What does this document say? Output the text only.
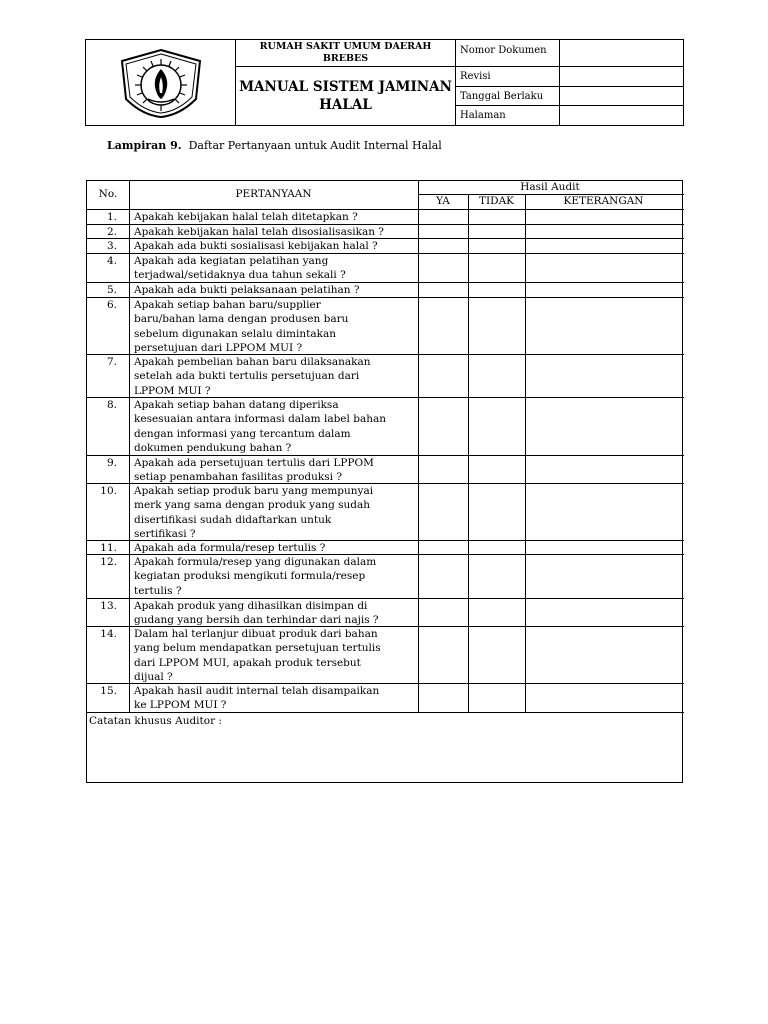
RUMAH SAKIT UMUM DAERAH BREBES
MANUAL SISTEM JAMINAN HALAL
Nomor Dokumen
Revisi
Tanggal Berlaku
Halaman
Lampiran 9. Daftar Pertanyaan untuk Audit Internal Halal
No.	PERTANYAAN
Hasil Audit
YA	TIDAK	KETERANGAN
1.	Apakah kebijakan halal telah ditetapkan ?
2.	Apakah kebijakan halal telah disosialisasikan ?
3.	Apakah ada bukti sosialisasi kebijakan halal ?
4.	Apakah ada kegiatan pelatihan yang
terjadwal/setidaknya dua tahun sekali ?
5.	Apakah ada bukti pelaksanaan pelatihan ?
6.	Apakah setiap bahan baru/supplier
baru/bahan lama dengan produsen baru
sebelum digunakan selalu dimintakan
persetujuan dari LPPOM MUI ?
7.	Apakah pembelian bahan baru dilaksanakan
setelah ada bukti tertulis persetujuan dari
LPPOM MUI ?
8.	Apakah setiap bahan datang diperiksa
kesesuaian antara informasi dalam label bahan
dengan informasi yang tercantum dalam
dokumen pendukung bahan ?
9.	Apakah ada persetujuan tertulis dari LPPOM
setiap penambahan fasilitas produksi ?
10.	Apakah setiap produk baru yang mempunyai
merk yang sama dengan produk yang sudah
disertifikasi sudah didaftarkan untuk
sertifikasi ?
11.	Apakah ada formula/resep tertulis ?
12.	Apakah formula/resep yang digunakan dalam
kegiatan produksi mengikuti formula/resep
tertulis ?
13.	Apakah produk yang dihasilkan disimpan di
gudang yang bersih dan terhindar dari najis ?
14.	Dalam hal terlanjur dibuat produk dari bahan
yang belum mendapatkan persetujuan tertulis
dari LPPOM MUI, apakah produk tersebut
dijual ?
15.	Apakah hasil audit internal telah disampaikan
ke LPPOM MUI ?
Catatan khusus Auditor :
